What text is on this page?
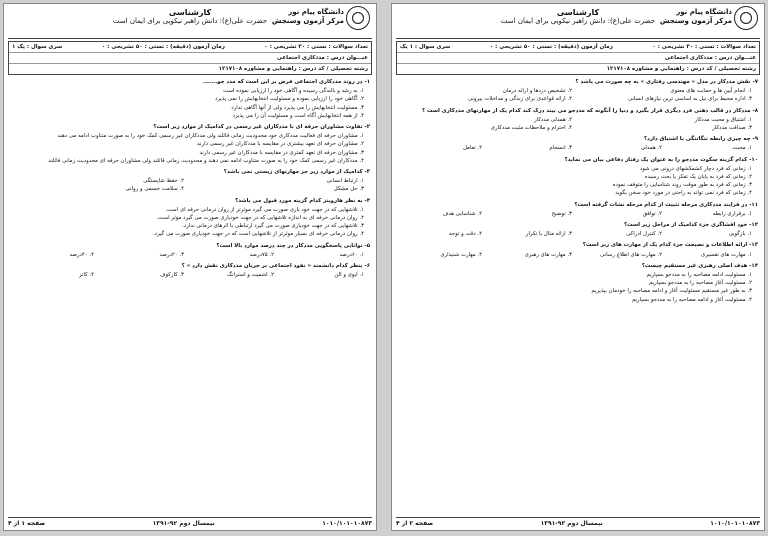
دانشگاه پیام نور
مرکز آزمون وسنجش
کارشناسی
حضرت علی(ع): دانش راهبر نیکویی برای ایمان است
تعداد سوالات : تستی : ۳۰ تشریحی : ۰
زمان آزمون (دقیقه) : تستی : ۵۰ تشریحی : ۰
سری سوال : یک ۱
عنـــوان درس : مددکاری اجتماعی
رشته تحصیلی / کد درس : راهنمایی و مشاوره ۱۲۱۷۱۰۸
۱- در روند مددکاری اجتماعی فرض بر این است که مدد جو.......
۱. به رشد و بالندگی رسیده و آگاهی خود را ارزیابی نموده است
۲. آگاهی خود را ارزیابی نموده و مسئولیت انتخابهایش را نمی پذیرد
۳. مسئولیت انتخابهایش را می پذیرد ولی از آنها آگاهی ندارد
۴. از همه انتخابهایش آگاه است و مسئولیت آن را می پذیرد
۲- تفاوت مشاوران حرفه ای با مددکاران غیر رسمی در کدامیک از موارد زیر است؟
۱. مشاوران حرفه ای فعالیت مددکاری خود محدودیت زمانی قائلند ولی مددکاران غیر رسمی کمک خود را به صورت متناوب ادامه می دهند
۲. مشاوران حرفه ای تعهد بیشتری در مقایسه با مددکاران غیر رسمی دارند
۳. مشاوران حرفه ای تعهد کمتری در مقایسه با مددکاران غیر رسمی دارند
۴. مددکاران غیر رسمی کمک خود را به صورت متناوب ادامه نمی دهند و محدودیت زمانی قائلند ولی مشاوران حرفه ای محدودیت زمانی قائلند
۳- کدامیک از موارد زیر جز مهارتهای زیستی نمی باشد؟
۱. ارتباط انسانی
۲. حفظ شایستگی
۳. حل مشکل
۴. سلامت جسمی و روانی
۴- به نظر هاروینز کدام گزینه مورد قبول می باشد؟
۱. تلاشهایی که در جهت خود یاری صورت می گیرد موثرتر از روان درمانی حرفه ای است.
۲. روان درمانی حرفه ای به اندازه تلاشهایی که در جهت خودیاری صورت می گیرد موثر است.
۳. تلاشهایی که در جهت خودیاری صورت می گیرد ارتباطی با اثرهای درمانی ندارد.
۴. روان درمانی حرفه ای بسیار موثرتر از تلاشهایی است که در جهت خودیاری صورت می گیرد.
۵- توانایی پاسخگویی مددکار در چند درصد موارد بالا است؟
۱. ۶۰درصد
۲. ۷۵درصد
۳. ۲۰درصد
۴. ۴۰درصد
۶- بنظر کدام دانشمند « نفوذ اجتماعی بر جریان مددکاری نقش دارد » ؟
۱. ایوی و الن
۲. اشمیت و استرانگ
۳. کارکوف
۴. کاتز
۱۰۱۰/۱۰۱۰۱۰۸۷۳
نیمسال دوم ۹۲-۱۳۹۱
صفحه ۱ از ۴
دانشگاه پیام نور
مرکز آزمون وسنجش
کارشناسی
حضرت علی(ع): دانش راهبر نیکویی برای ایمان است
تعداد سوالات : تستی : ۳۰ تشریحی : ۰
زمان آزمون (دقیقه) : تستی : ۵۰ تشریحی : ۰
سری سوال : ۱ یک
عنـــوان درس : مددکاری اجتماعی
رشته تحصیلی / کد درس : راهنمایی و مشاوره ۱۲۱۷۱۰۸
۷- نقش مددکار در مدل « مهندسی رفتاری » به چه صورت می باشد ؟
۱. انجام آیین ها و حمایت های معنوی
۲. تشخیص دردها و ارائه درمان
۳. اداره محیط برای نیل به اساسی ترین نیازهای انسانی
۴. ارائه قواعدی برای زندگی و مداخلات بیرونی
۸- مددکار در قالب ذهنی فرد دیگری قرار بگیرد و دنیا را آنگونه که مددجو می بیند درک کند کدام یک از مهارتهای مددکاری است ؟
۱. اشتیاق و محبت مددکار
۲. همدلی مددکار
۳. صداقت مددکار
۴. احترام و ملاحظات مثبت مددکاری
۹- چه چیزی رابطه تنگاتنگی با اشتیاق دارد؟
۱. محبت
۲. همدلی
۳. انسجام
۴. تعامل
۱۰- کدام گزینه سکوت مددجو را به عنوان یک رفتار دفاعی بیان می نماید؟
۱. زمانی که فرد دچار کشمکشهای درونی می شود
۲. زمانی که فرد به پایان یک تفکر یا بحث رسیده
۳. زمانی که فرد به طور موقت روند شناسایی را متوقف نموده
۴. زمانی که فرد نمی تواند به راحتی در مورد خود سخن بگوید
۱۱- در فرایند مددکاری مرحله تثبیت از کدام مرحله نشات گرفته است؟
۱. برقراری رابطه
۲. توافق
۳. توضیح
۴. شناسایی هدف
۱۲- خود افشاگری جزء کدامیک از مراحل زیر است؟
۱. بازگویی
۲. کنترل ادراکی
۳. ارائه مثال یا تکرار
۴. دقت و توجه
۱۳- ارائه اطلاعات و نصیحت جزء کدام یک از مهارت های زیر است؟
۱. مهارت های تفسیری
۲. مهارت های اطلاع رسانی
۳. مهارت های رهبری
۴. مهارت شنیداری
۱۴- هدف اصلی رهبری غیر مستقیم چیست؟
۱. مسئولیت ادامه مصاحبه را به مددجو بسپاریم
۲. مسئولیت آغاز مصاحبه را به مددجو بسپاریم
۳. به طور غیر مستقیم مسئولیت آغاز و ادامه مصاحبه را خودمان بپذیریم
۴. مسئولیت آغاز و ادامه مصاحبه را به مددجو بسپاریم
۱۰۱۰/۱۰۱۰۱۰۸۷۳
نیمسال دوم ۹۲-۱۳۹۱
صفحه ۲ از ۴
